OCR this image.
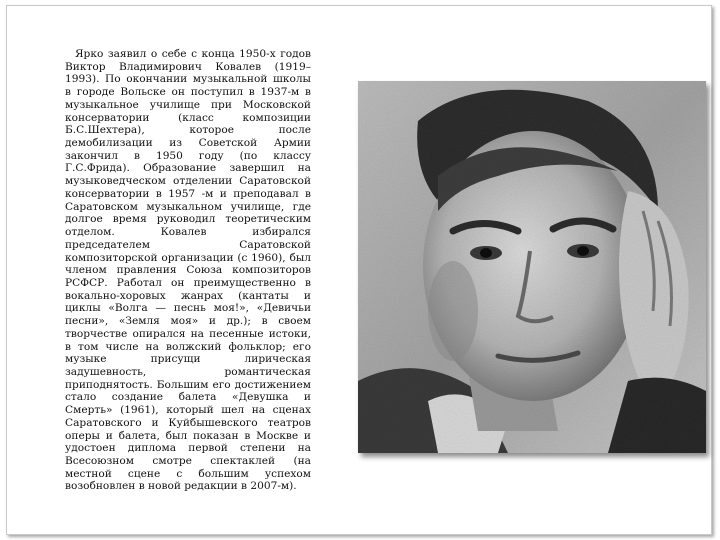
Ярко заявил о себе с конца 1950-х годов Виктор Владимирович Ковалев (1919–1993). По окончании музыкальной школы в городе Вольске он поступил в 1937-м в музыкальное училище при Московской консерватории (класс композиции Б.С.Шехтера), которое после демобилизации из Советской Армии закончил в 1950 году (по классу Г.С.Фрида). Образование завершил на музыковедческом отделении Саратовской консерватории в 1957 -м и преподавал в Саратовском музыкальном училище, где долгое время руководил теоретическим отделом. Ковалев избирался председателем Саратовской композиторской организации (с 1960), был членом правления Союза композиторов РСФСР. Работал он преимущественно в вокально-хоровых жанрах (кантаты и циклы «Волга — песнь моя!», «Девичьи песни», «Земля моя» и др.); в своем творчестве опирался на песенные истоки, в том числе на волжский фольклор; его музыке присущи лирическая задушевность, романтическая приподнятость. Большим его достижением стало создание балета «Девушка и Смерть» (1961), который шел на сценах Саратовского и Куйбышевского театров оперы и балета, был показан в Москве и удостоен диплома первой степени на Всесоюзном смотре спектаклей (на местной сцене с большим успехом возобновлен в новой редакции в 2007-м).
